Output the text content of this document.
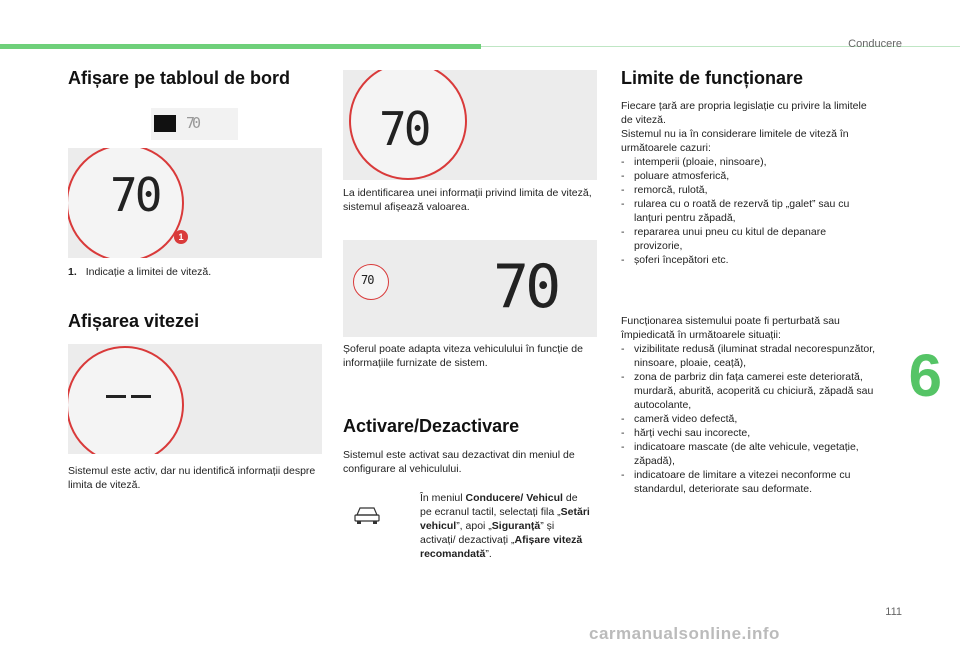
Conducere
6
Afișare pe tabloul de bord
70
70
1
1. Indicație a limitei de viteză.
Afișarea vitezei
Sistemul este activ, dar nu identifică informații despre limita de viteză.
70
La identificarea unei informații privind limita de viteză, sistemul afișează valoarea.
70 70
Șoferul poate adapta viteza vehiculului în funcție de informațiile furnizate de sistem.
Activare/Dezactivare
Sistemul este activat sau dezactivat din meniul de configurare al vehiculului.
În meniul Conducere/ Vehicul de pe ecranul tactil, selectați fila „Setări vehicul”, apoi „Siguranță” și activați/ dezactivați „Afișare viteză recomandată”.
Limite de funcționare
Fiecare țară are propria legislație cu privire la limitele de viteză.
Sistemul nu ia în considerare limitele de viteză în următoarele cazuri:
- intemperii (ploaie, ninsoare),
- poluare atmosferică,
- remorcă, rulotă,
- rularea cu o roată de rezervă tip „galet” sau cu lanțuri pentru zăpadă,
- repararea unui pneu cu kitul de depanare provizorie,
- șoferi începători etc.
Funcționarea sistemului poate fi perturbată sau împiedicată în următoarele situații:
- vizibilitate redusă (iluminat stradal necorespunzător, ninsoare, ploaie, ceață),
- zona de parbriz din fața camerei este deteriorată, murdară, aburită, acoperită cu chiciură, zăpadă sau autocolante,
- cameră video defectă,
- hărți vechi sau incorecte,
- indicatoare mascate (de alte vehicule, vegetație, zăpadă),
- indicatoare de limitare a vitezei neconforme cu standardul, deteriorate sau deformate.
111
carmanualsonline.info
